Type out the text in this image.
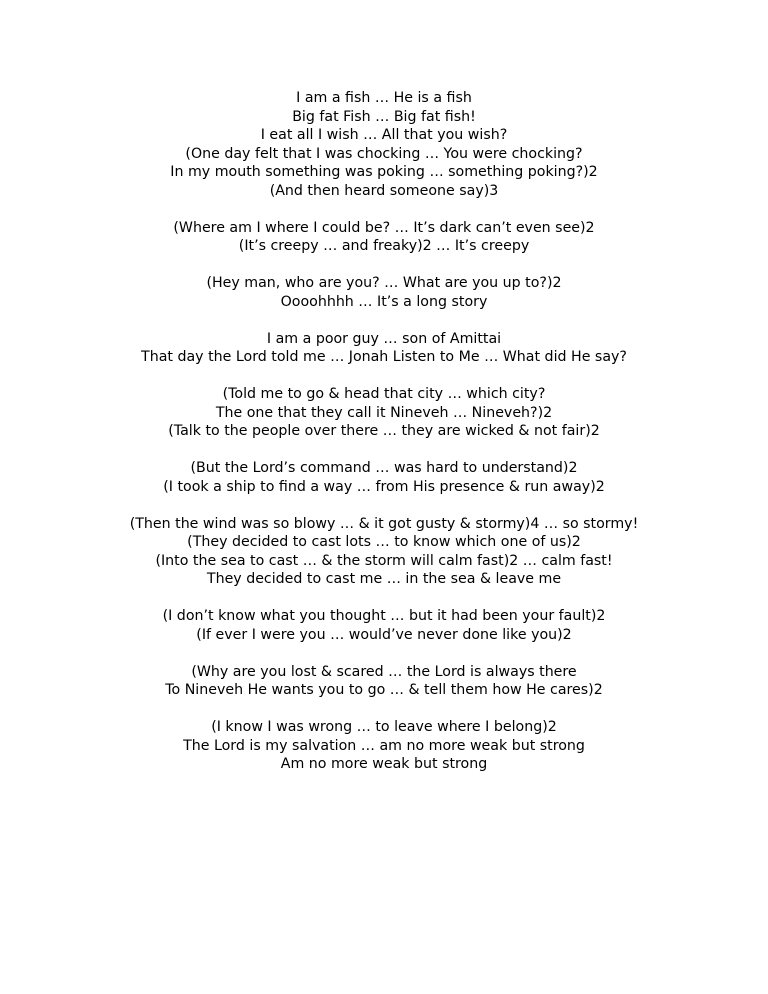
I am a fish … He is a fish
Big fat Fish … Big fat fish!
I eat all I wish … All that you wish?
(One day felt that I was chocking … You were chocking?
In my mouth something was poking … something poking?)2
(And then heard someone say)3
(Where am I where I could be? … It’s dark can’t even see)2
(It’s creepy … and freaky)2 … It’s creepy
(Hey man, who are you? … What are you up to?)2
Oooohhhh … It’s a long story
I am a poor guy … son of Amittai
That day the Lord told me … Jonah Listen to Me … What did He say?
(Told me to go & head that city … which city?
The one that they call it Nineveh … Nineveh?)2
(Talk to the people over there … they are wicked & not fair)2
(But the Lord’s command … was hard to understand)2
(I took a ship to find a way … from His presence & run away)2
(Then the wind was so blowy … & it got gusty & stormy)4 … so stormy!
(They decided to cast lots … to know which one of us)2
(Into the sea to cast … & the storm will calm fast)2 … calm fast!
They decided to cast me … in the sea & leave me
(I don’t know what you thought … but it had been your fault)2
(If ever I were you … would’ve never done like you)2
(Why are you lost & scared … the Lord is always there
To Nineveh He wants you to go … & tell them how He cares)2
(I know I was wrong … to leave where I belong)2
The Lord is my salvation … am no more weak but strong
Am no more weak but strong
